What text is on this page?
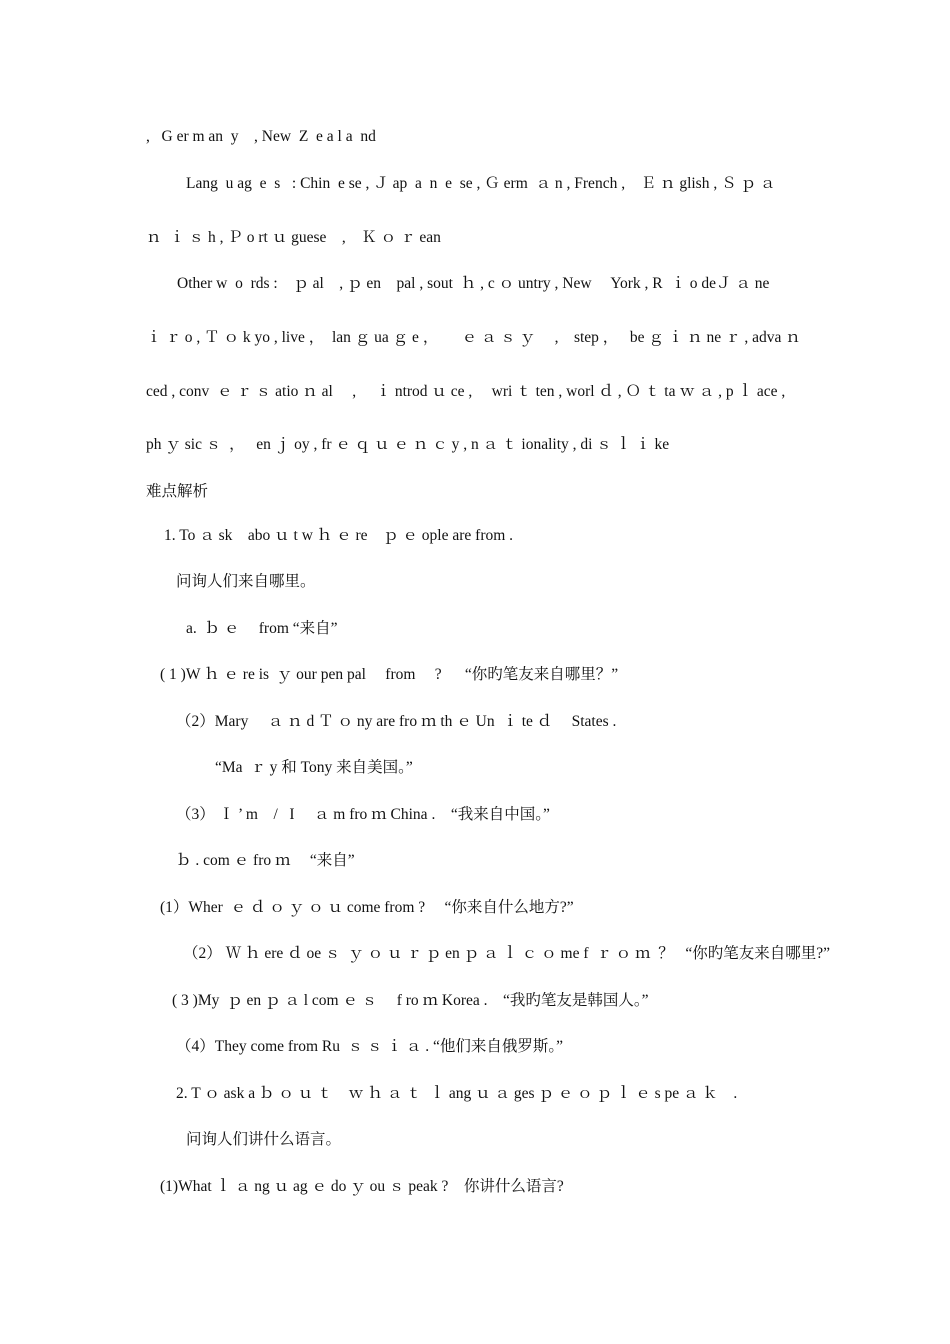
,   G er m an  y    , New  Z  e a l a  nd
Lang  u ag  e  s   : Chin  e se , Ｊ ap  a  n  e  se , Ｇ erm  ａ n , French ,    Ｅ ｎ glish , Ｓ ｐ ａ
ｎ  ｉ ｓ h , Ｐ o rt ｕ guese    ,    Ｋ ｏ ｒ ean
Other w  o  rds :    ｐ al    , ｐ en    pal , sout  ｈ , c ｏ untry , New     York , R  ｉ o deＪ ａ ne
ｉ ｒ o , Ｔ ｏ k yo , live ，  lan ｇ ua ｇ e ，      ｅ ａ ｓ ｙ     ,    step ，   be ｇ ｉ ｎ ne ｒ , adva ｎ
ced , conv  ｅ ｒ ｓ atio ｎ al     ,     ｉ ntrod ｕ ce ,     wri ｔ ten , worl ｄ , Ｏ ｔ ta ｗ ａ , p ｌ ace ,
ph ｙ sic ｓ  ，   en ｊ oy , fr ｅ ｑ ｕ ｅ ｎ ｃ y , n ａ ｔ ionality , di ｓ ｌ ｉ ke
难点解析
1. To ａ sk    abo ｕ t w ｈ ｅ re    ｐ ｅ ople are from .
问询人们来自哪里。
a.  ｂ ｅ     from “来自”
( 1 )W ｈ ｅ re is  ｙ our pen pal     from     ?      “你旳笔友来自哪里？”
（2）Mary     ａ ｎ d Ｔ ｏ ny are fro ｍ th ｅ Un  ｉ te ｄ     States .
“Ma  ｒ y 和 Tony 来自美国。”
（3） Ｉ ’ m    /   I     ａ m fro ｍ China .    “我来自中国。”
ｂ . com ｅ fro ｍ     “来自”
(1）Wher  ｅ ｄ ｏ ｙ ｏ ｕ come from ?     “你来自什么地方?”
（2） Ｗ ｈ ere ｄ oe ｓ  ｙ ｏ ｕ ｒ ｐ en ｐ ａ ｌ ｃ ｏ me f  ｒ ｏ ｍ  ？   “你旳笔友来自哪里?”
( 3 )My  ｐ en ｐ ａ l com ｅ ｓ     f ro ｍ Korea .    “我旳笔友是韩国人。”
（4）They come from Ru  ｓ ｓ ｉ ａ . “他们来自俄罗斯。”
2. T ｏ ask a ｂ ｏ ｕ ｔ    ｗ ｈ ａ ｔ  ｌ ang ｕ ａ ges ｐ ｅ ｏ ｐ ｌ ｅ s pe ａ ｋ    .
问询人们讲什么语言。
(1)What ｌ ａ ng ｕ ag ｅ do ｙ ou ｓ peak ?    你讲什么语言?
